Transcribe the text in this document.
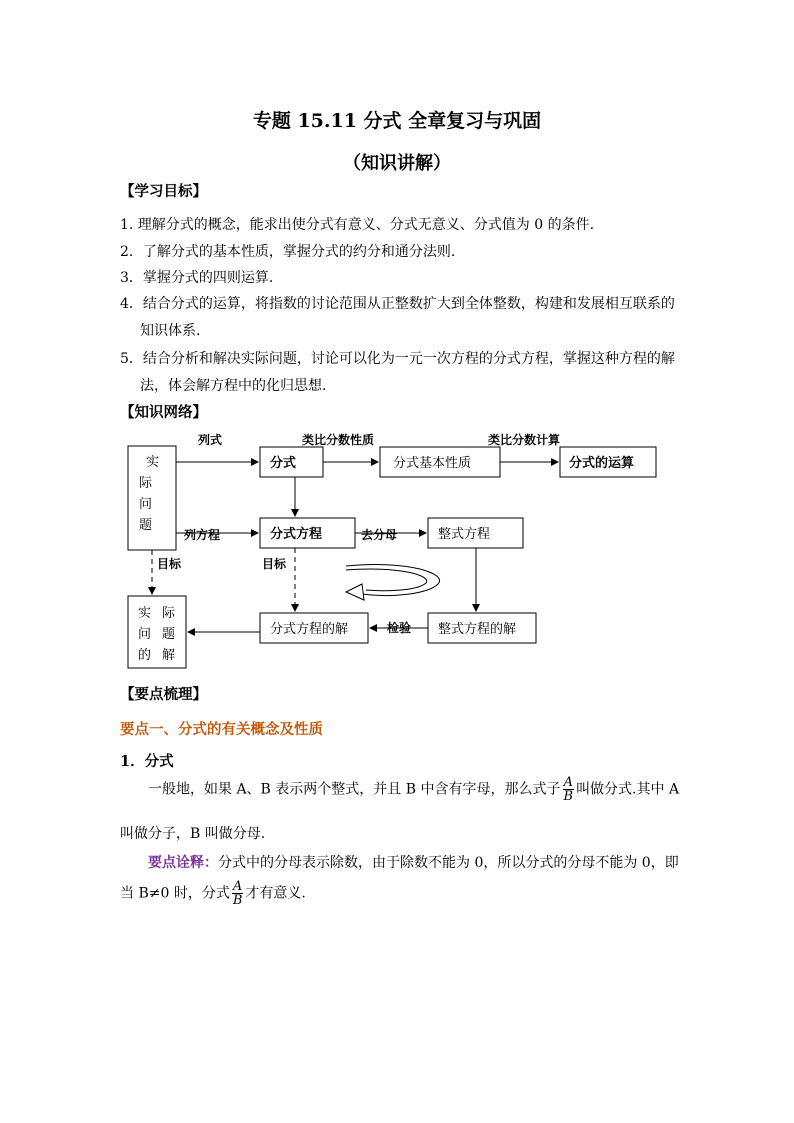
专题 15.11 分式 全章复习与巩固
（知识讲解）
【学习目标】
1. 理解分式的概念，能求出使分式有意义、分式无意义、分式值为 0 的条件.
2．了解分式的基本性质，掌握分式的约分和通分法则.
3．掌握分式的四则运算.
4．结合分式的运算，将指数的讨论范围从正整数扩大到全体整数，构建和发展相互联系的
知识体系.
5．结合分析和解决实际问题，讨论可以化为一元一次方程的分式方程，掌握这种方程的解
法，体会解方程中的化归思想.
【知识网络】
实
际
问
题
分式	分式基本性质	分式的运算
分式方程	整式方程
实 际
问 题
的 解
分式方程的解	整式方程的解
列式	类比分数性质	类比分数计算
列方程	去分母
目标	目标
检验
【要点梳理】
要点一、分式的有关概念及性质
1．分式
一般地，如果 A、B 表示两个整式，并且 B 中含有字母，那么式子 $\frac{A}{B}$ 叫做分式.其中 A
叫做分子，B 叫做分母.
要点诠释：分式中的分母表示除数，由于除数不能为 0，所以分式的分母不能为 0，即
当 B≠0 时，分式 $\frac{A}{B}$ 才有意义.
